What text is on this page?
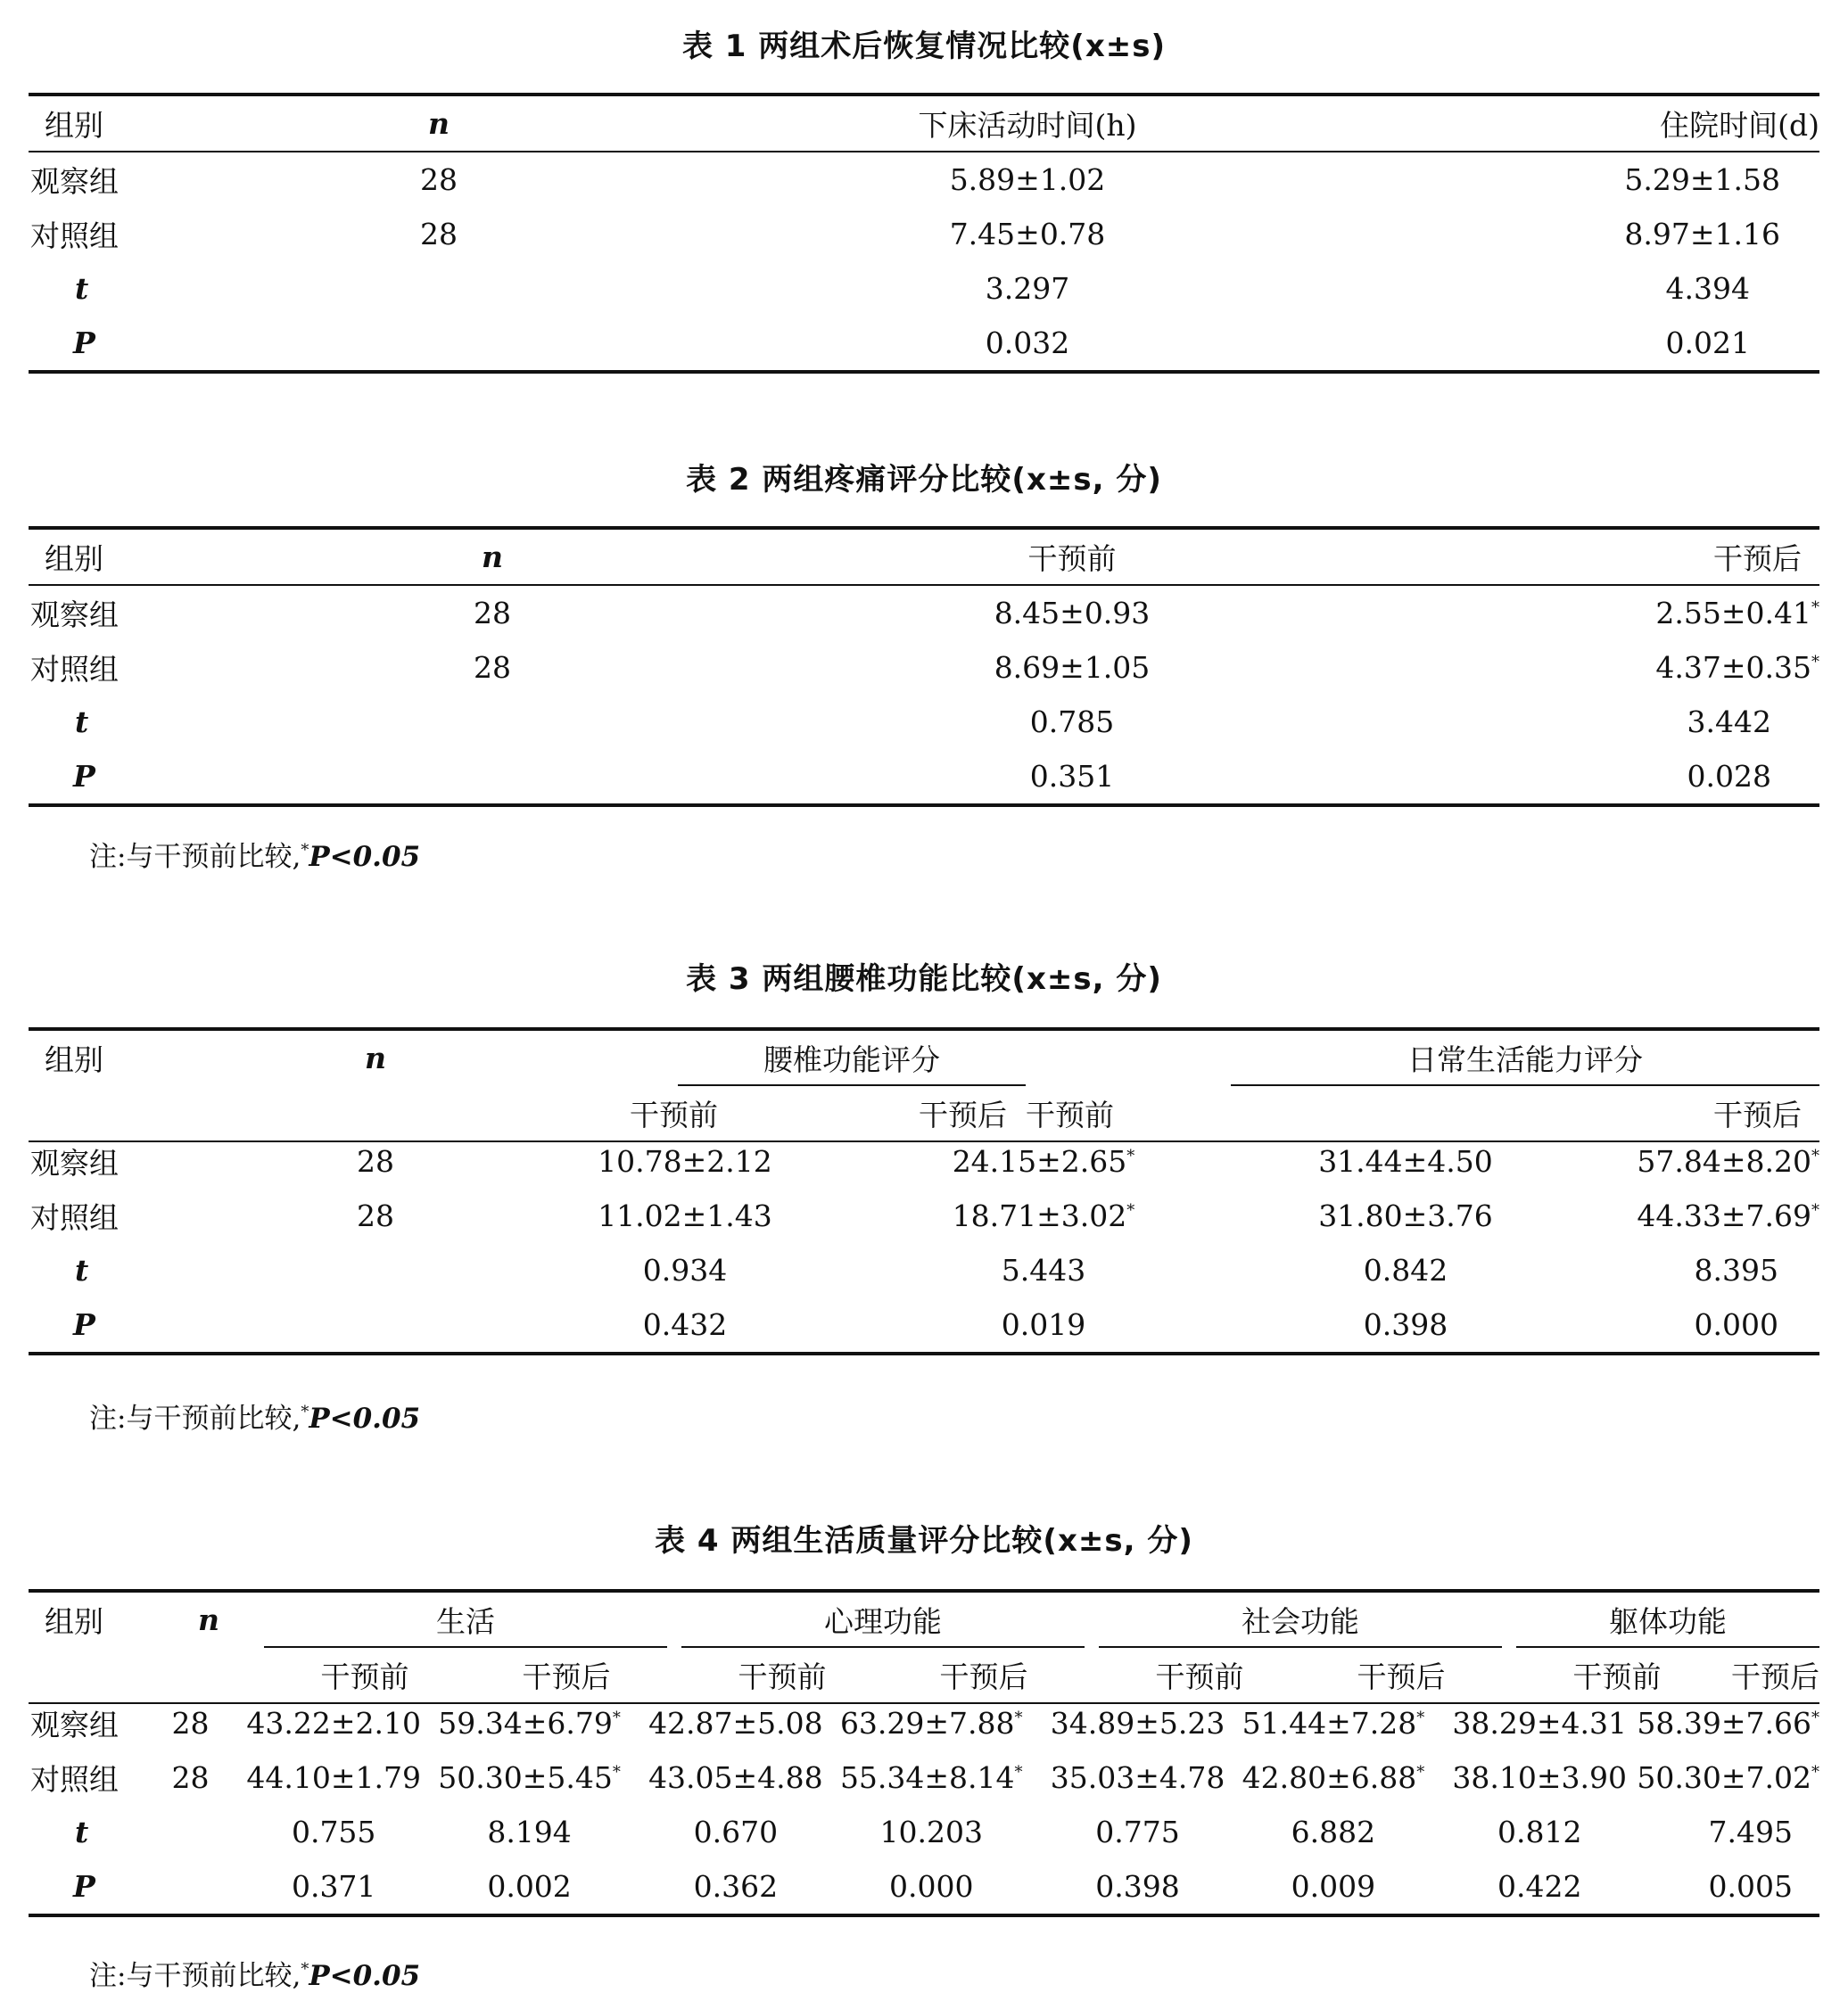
表 1 两组术后恢复情况比较(x±s)
组别	n	下床活动时间(h)	住院时间(d)
观察组	28	5.89±1.02	5.29±1.58
对照组	28	7.45±0.78	8.97±1.16
t		3.297	4.394
P		0.032	0.021
表 2 两组疼痛评分比较(x±s, 分)
组别	n	干预前	干预后
观察组	28	8.45±0.93	2.55±0.41*
对照组	28	8.69±1.05	4.37±0.35*
t		0.785	3.442
P		0.351	0.028
注:与干预前比较,*P<0.05
表 3 两组腰椎功能比较(x±s, 分)
组别	n		腰椎功能评分			日常生活能力评分	
		干预前		干预后		干预前	干预后
观察组	28	10.78±2.12	24.15±2.65*	31.44±4.50	57.84±8.20*
对照组	28	11.02±1.43	18.71±3.02*	31.80±3.76	44.33±7.69*
t		0.934	5.443	0.842	8.395
P		0.432	0.019	0.398	0.000
注:与干预前比较,*P<0.05
表 4 两组生活质量评分比较(x±s, 分)
组别	n	生活			心理功能			社会功能			躯体功能	
		干预前	干预后		干预前	干预后		干预前	干预后		干预前	干预后
观察组	28	43.22±2.10	59.34±6.79*		42.87±5.08	63.29±7.88*		34.89±5.23	51.44±7.28*		38.29±4.31	58.39±7.66*
对照组	28	44.10±1.79	50.30±5.45*		43.05±4.88	55.34±8.14*		35.03±4.78	42.80±6.88*		38.10±3.90	50.30±7.02*
t		0.755	8.194		0.670	10.203		0.775	6.882		0.812	7.495
P		0.371	0.002		0.362	0.000		0.398	0.009		0.422	0.005
注:与干预前比较,*P<0.05
